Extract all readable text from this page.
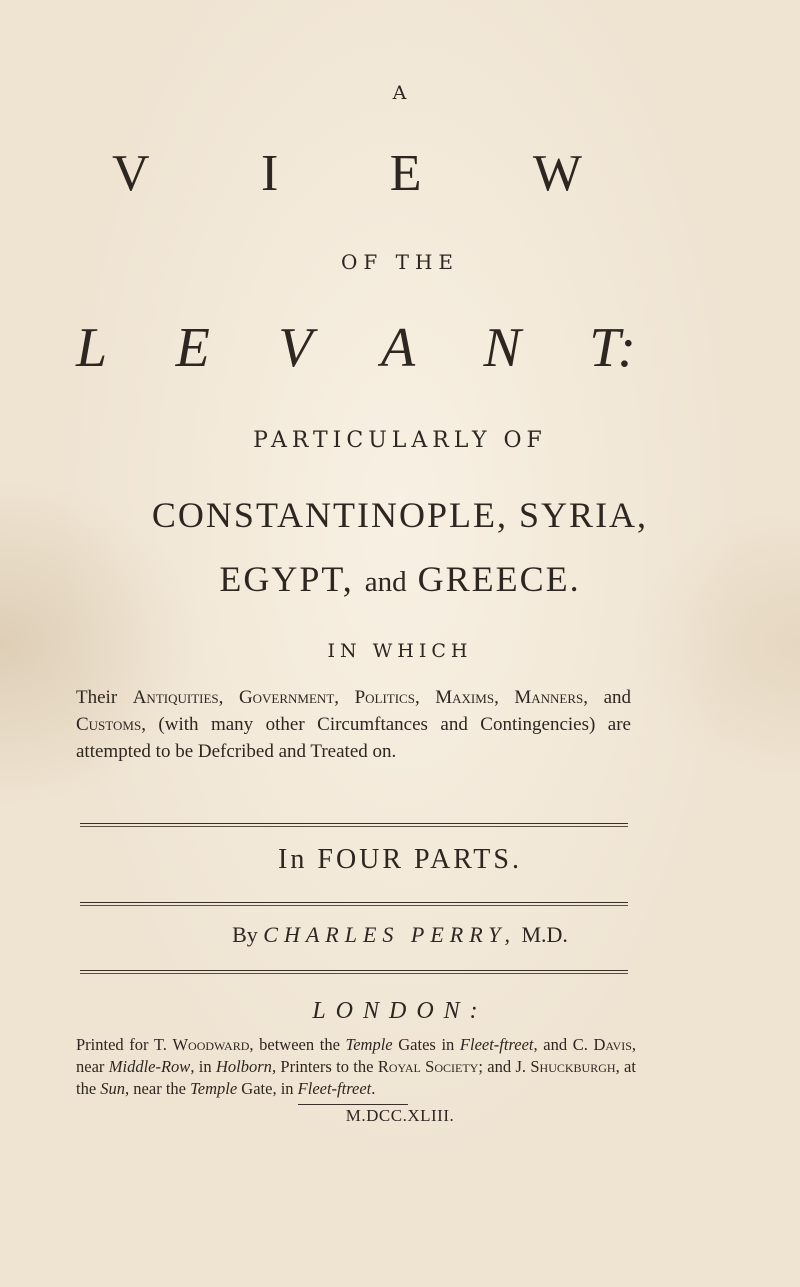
A
V I E W
OF THE
L E V A N T:
PARTICULARLY OF
CONSTANTINOPLE, SYRIA,
EGYPT, and GREECE.
IN WHICH

Their Antiquities, Government, Politics, Maxims, Manners, and Customs, (with many other Circumftances and Contingencies) are attempted to be Defcribed and Treated on.

In FOUR PARTS.
By CHARLES PERRY, M.D.
LONDON:

Printed for T. Woodward, between the Temple Gates in Fleet-ftreet, and C. Davis, near Middle-Row, in Holborn, Printers to the Royal Society; and J. Shuckburgh, at the Sun, near the Temple Gate, in Fleet-ftreet.

M.DCC.XLIII.
